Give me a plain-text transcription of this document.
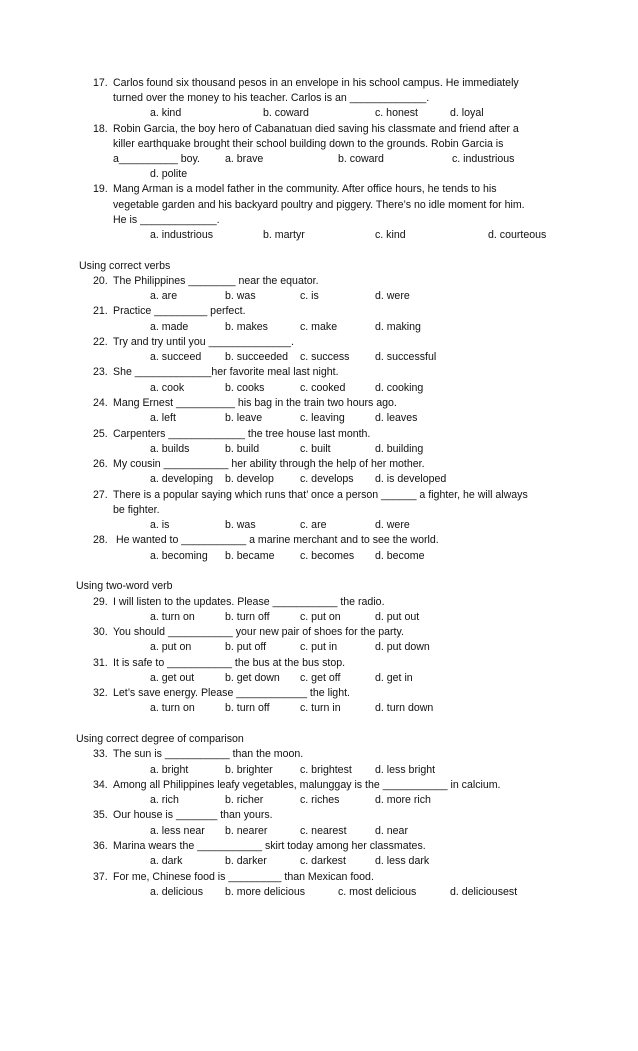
17. Carlos found six thousand pesos in an envelope in his school campus. He immediately
turned over the money to his teacher. Carlos is an _____________.
a. kind	b. coward	c. honest	d. loyal
18. Robin Garcia, the boy hero of Cabanatuan died saving his classmate and friend after a
killer earthquake brought their school building down to the grounds. Robin Garcia is
a__________ boy. a. brave	b. coward	c. industrious
d. polite
19. Mang Arman is a model father in the community. After office hours, he tends to his
vegetable garden and his backyard poultry and piggery. There’s no idle moment for him.
He is _____________.
a. industrious	b. martyr	c. kind	d. courteous
Using correct verbs
20. The Philippines ________ near the equator.
a. are	b. was	c. is	d. were
21. Practice _________ perfect.
a. made	b. makes	c. make	d. making
22. Try and try until you ______________.
a. succeed b. succeeded c. success d. successful
23. She _____________her favorite meal last night.
a. cook	b. cooks	c. cooked	d. cooking
24. Mang Ernest __________ his bag in the train two hours ago.
a. left	b. leave	c. leaving	d. leaves
25. Carpenters _____________ the tree house last month.
a. builds	b. build	c. built	d. building
26. My cousin ___________ her ability through the help of her mother.
a. developing b. develop c. develops d. is developed
27. There is a popular saying which runs that’ once a person ______ a fighter, he will always
be fighter.
a. is	b. was	c. are	d. were
28. He wanted to ___________ a marine merchant and to see the world.
a. becoming b. became c. becomes d. become
Using two-word verb
29. I will listen to the updates. Please ___________ the radio.
a. turn on	b. turn off	c. put on	d. put out
30. You should ___________ your new pair of shoes for the party.
a. put on	b. put off	c. put in	d. put down
31. It is safe to ___________ the bus at the bus stop.
a. get out	b. get down c. get off	d. get in
32. Let’s save energy. Please ____________ the light.
a. turn on	b. turn off	c. turn in	d. turn down
Using correct degree of comparison
33. The sun is ___________ than the moon.
a. bright	b. brighter	c. brightest d. less bright
34. Among all Philippines leafy vegetables, malunggay is the ___________ in calcium.
a. rich	b. richer	c. riches	d. more rich
35. Our house is _______ than yours.
a. less near b. nearer	c. nearest	d. near
36. Marina wears the ___________ skirt today among her classmates.
a. dark	b. darker	c. darkest	d. less dark
37. For me, Chinese food is _________ than Mexican food.
a. delicious b. more delicious	c. most delicious	d. deliciousest
